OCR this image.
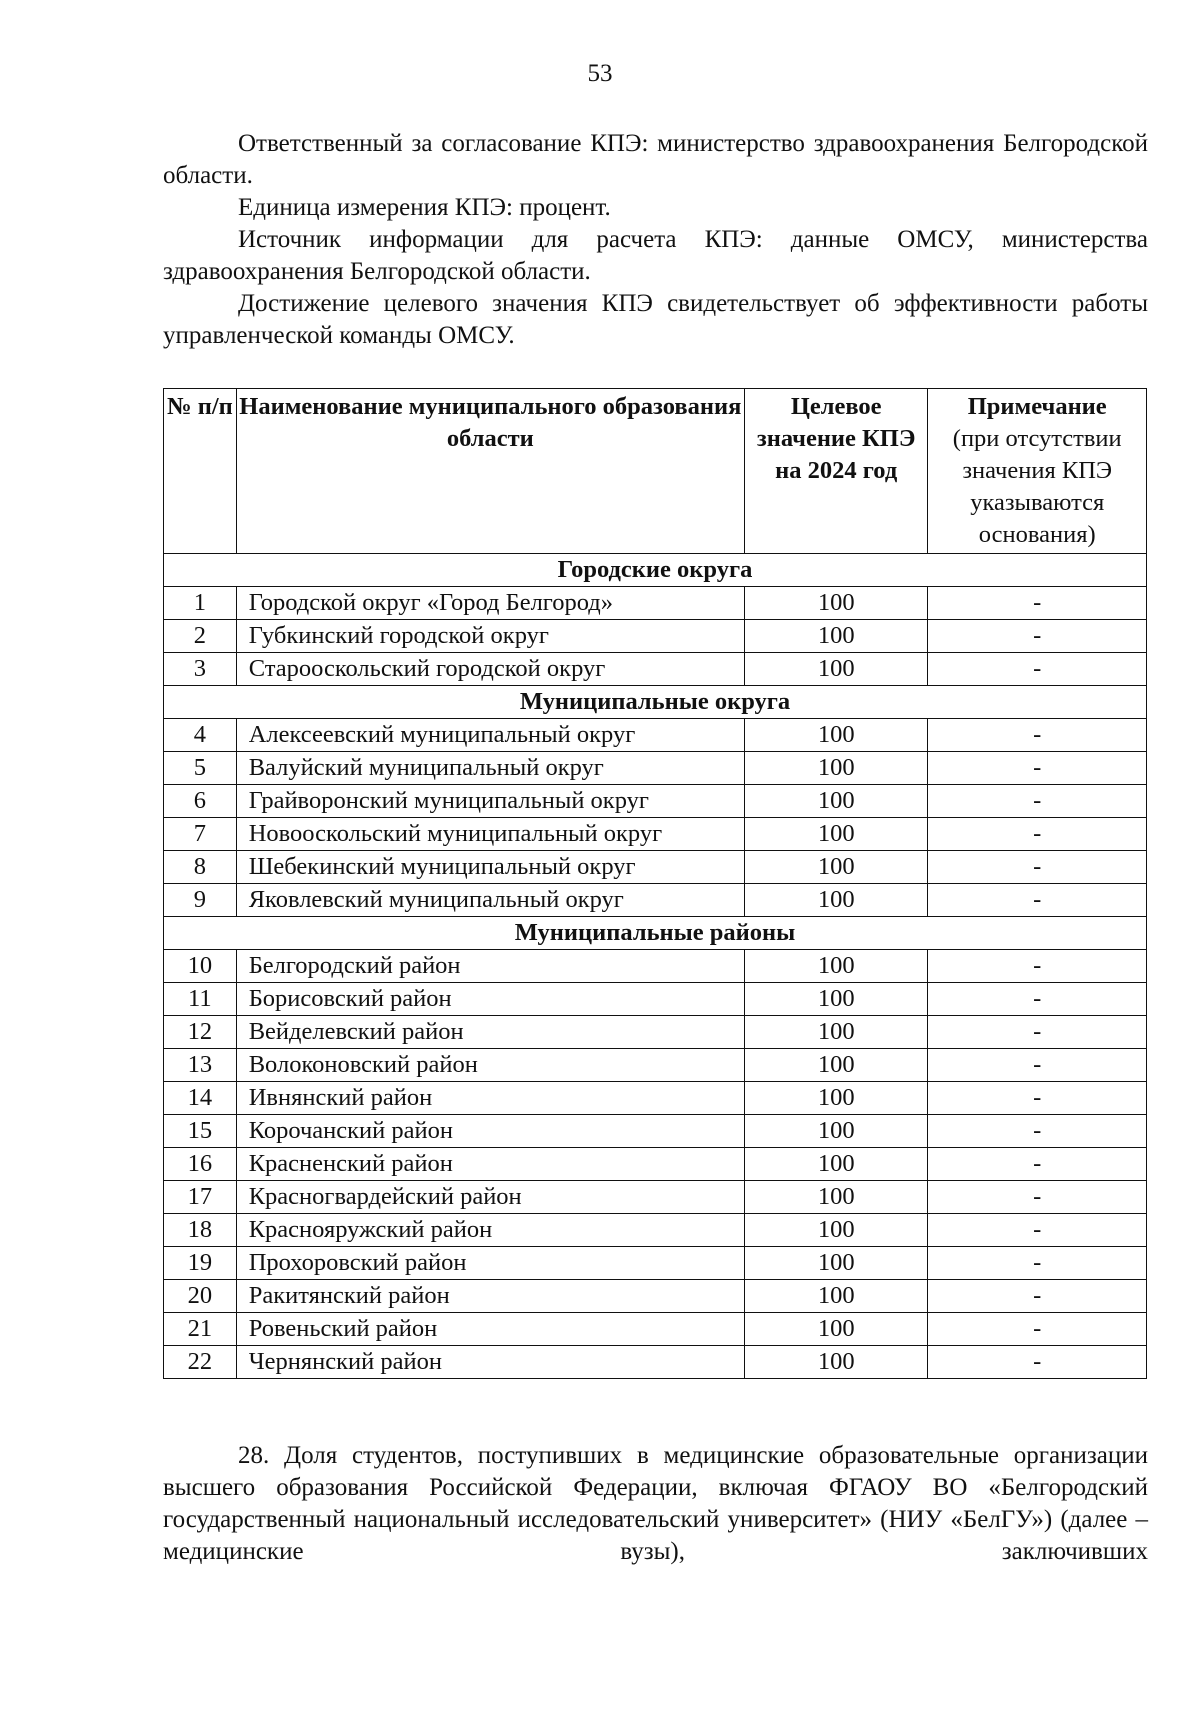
53

Ответственный за согласование КПЭ: министерство здравоохранения Белгородской области.

Единица измерения КПЭ: процент.

Источник информации для расчета КПЭ: данные ОМСУ, министерства здравоохранения Белгородской области.

Достижение целевого значения КПЭ свидетельствует об эффективности работы управленческой команды ОМСУ.

№ п/п	Наименование муниципального образования области	Целевое значение КПЭ на 2024 год	Примечание
(при отсутствии значения КПЭ указываются основания)

Городские округа			
1	Городской округ «Город Белгород»	100	-
2	Губкинский городской округ	100	-
3	Старооскольский городской округ	100	-
Муниципальные округа			
4	Алексеевский муниципальный округ	100	-
5	Валуйский муниципальный округ	100	-
6	Грайворонский муниципальный округ	100	-
7	Новооскольский муниципальный округ	100	-
8	Шебекинский муниципальный округ	100	-
9	Яковлевский муниципальный округ	100	-
Муниципальные районы			
10	Белгородский район	100	-
11	Борисовский район	100	-
12	Вейделевский район	100	-
13	Волоконовский район	100	-
14	Ивнянский район	100	-
15	Корочанский район	100	-
16	Красненский район	100	-
17	Красногвардейский район	100	-
18	Краснояружский район	100	-
19	Прохоровский район	100	-
20	Ракитянский район	100	-
21	Ровеньский район	100	-
22	Чернянский район	100	-

28. Доля студентов, поступивших в медицинские образовательные организации высшего образования Российской Федерации, включая ФГАОУ ВО «Белгородский государственный национальный исследовательский университет» (НИУ «БелГУ») (далее – медицинские вузы), заключивших
